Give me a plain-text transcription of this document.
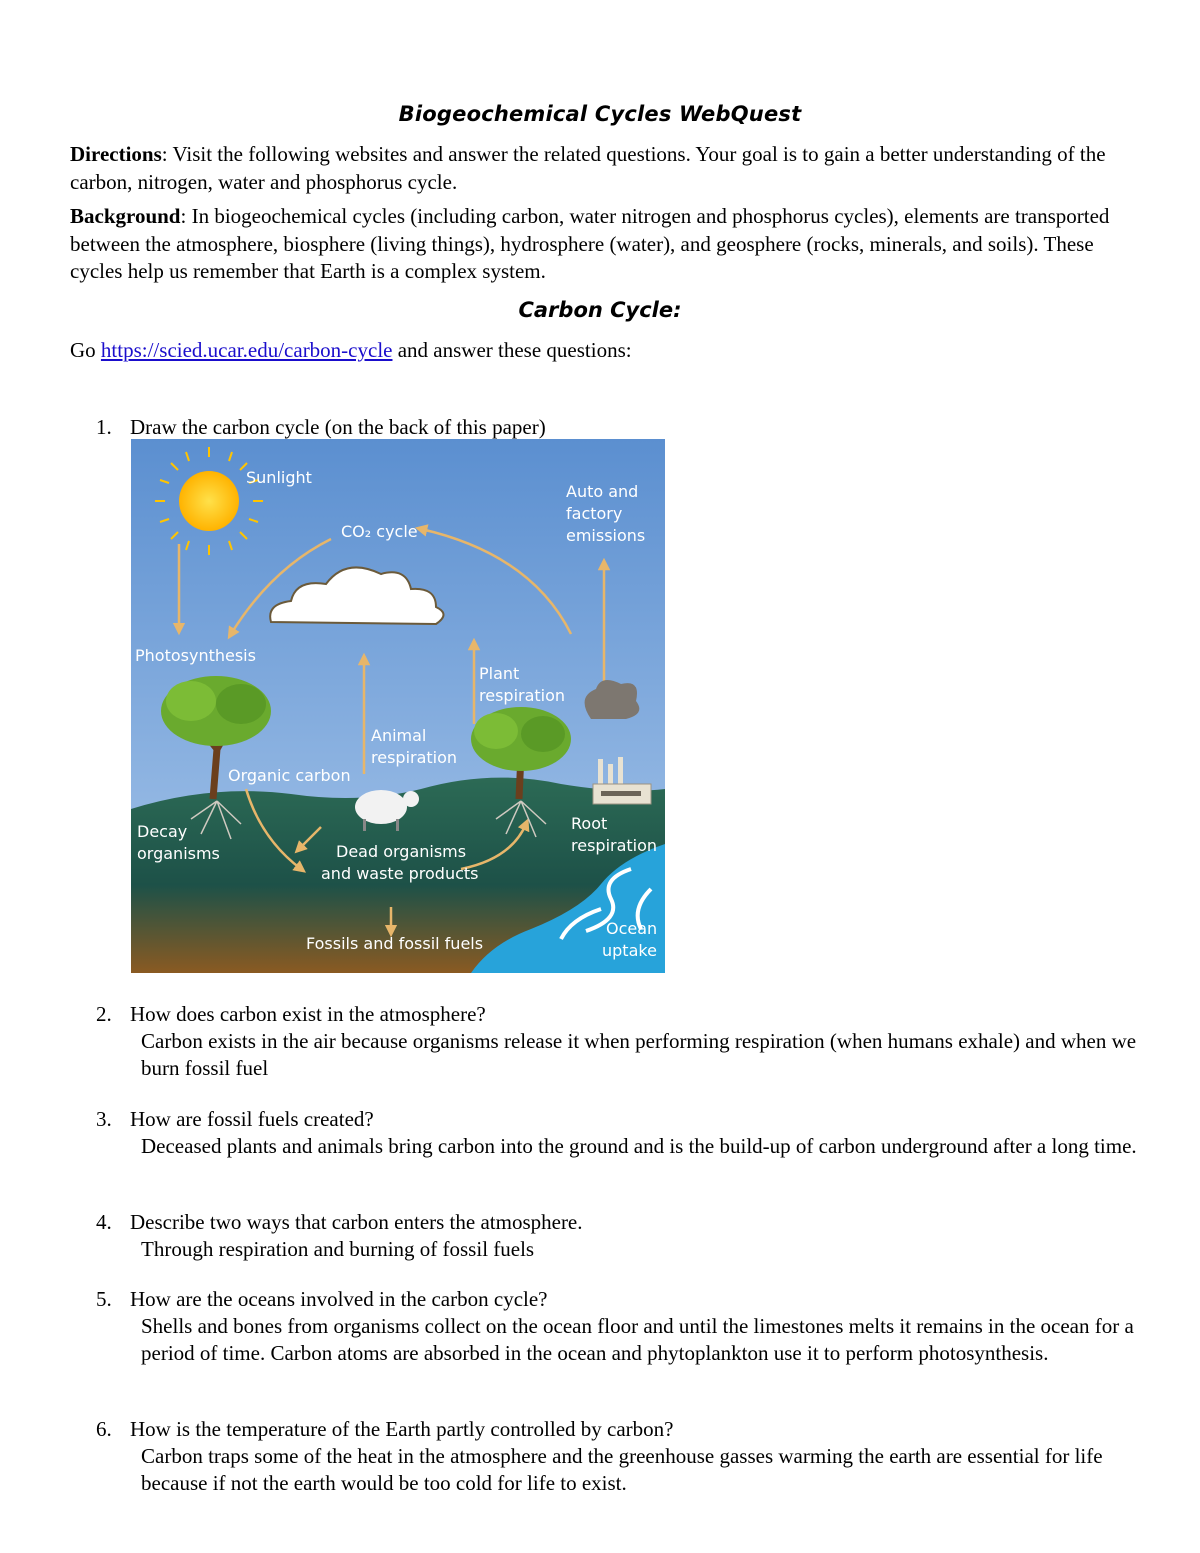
Biogeochemical Cycles WebQuest
Directions: Visit the following websites and answer the related questions. Your goal is to gain a better understanding of the carbon, nitrogen, water and phosphorus cycle.
Background: In biogeochemical cycles (including carbon, water nitrogen and phosphorus cycles), elements are transported between the atmosphere, biosphere (living things), hydrosphere (water), and geosphere (rocks, minerals, and soils). These cycles help us remember that Earth is a complex system.
Carbon Cycle:
Go https://scied.ucar.edu/carbon-cycle and answer these questions:
1. Draw the carbon cycle (on the back of this paper)
Sunlight
CO₂ cycle
Auto and
factory
emissions
Photosynthesis
Plant
respiration
Animal
respiration
Organic carbon
Decay
organisms	Dead organisms
and waste products
Root
respiration
Fossils and fossil fuels
Ocean
uptake
2. How does carbon exist in the atmosphere?
Carbon exists in the air because organisms release it when performing respiration (when humans exhale) and when we burn fossil fuel
3. How are fossil fuels created?
Deceased plants and animals bring carbon into the ground and is the build-up of carbon underground after a long time.
4. Describe two ways that carbon enters the atmosphere.
Through respiration and burning of fossil fuels
5. How are the oceans involved in the carbon cycle?
Shells and bones from organisms collect on the ocean floor and until the limestones melts it remains in the ocean for a period of time. Carbon atoms are absorbed in the ocean and phytoplankton use it to perform photosynthesis.
6. How is the temperature of the Earth partly controlled by carbon?
Carbon traps some of the heat in the atmosphere and the greenhouse gasses warming the earth are essential for life because if not the earth would be too cold for life to exist.
